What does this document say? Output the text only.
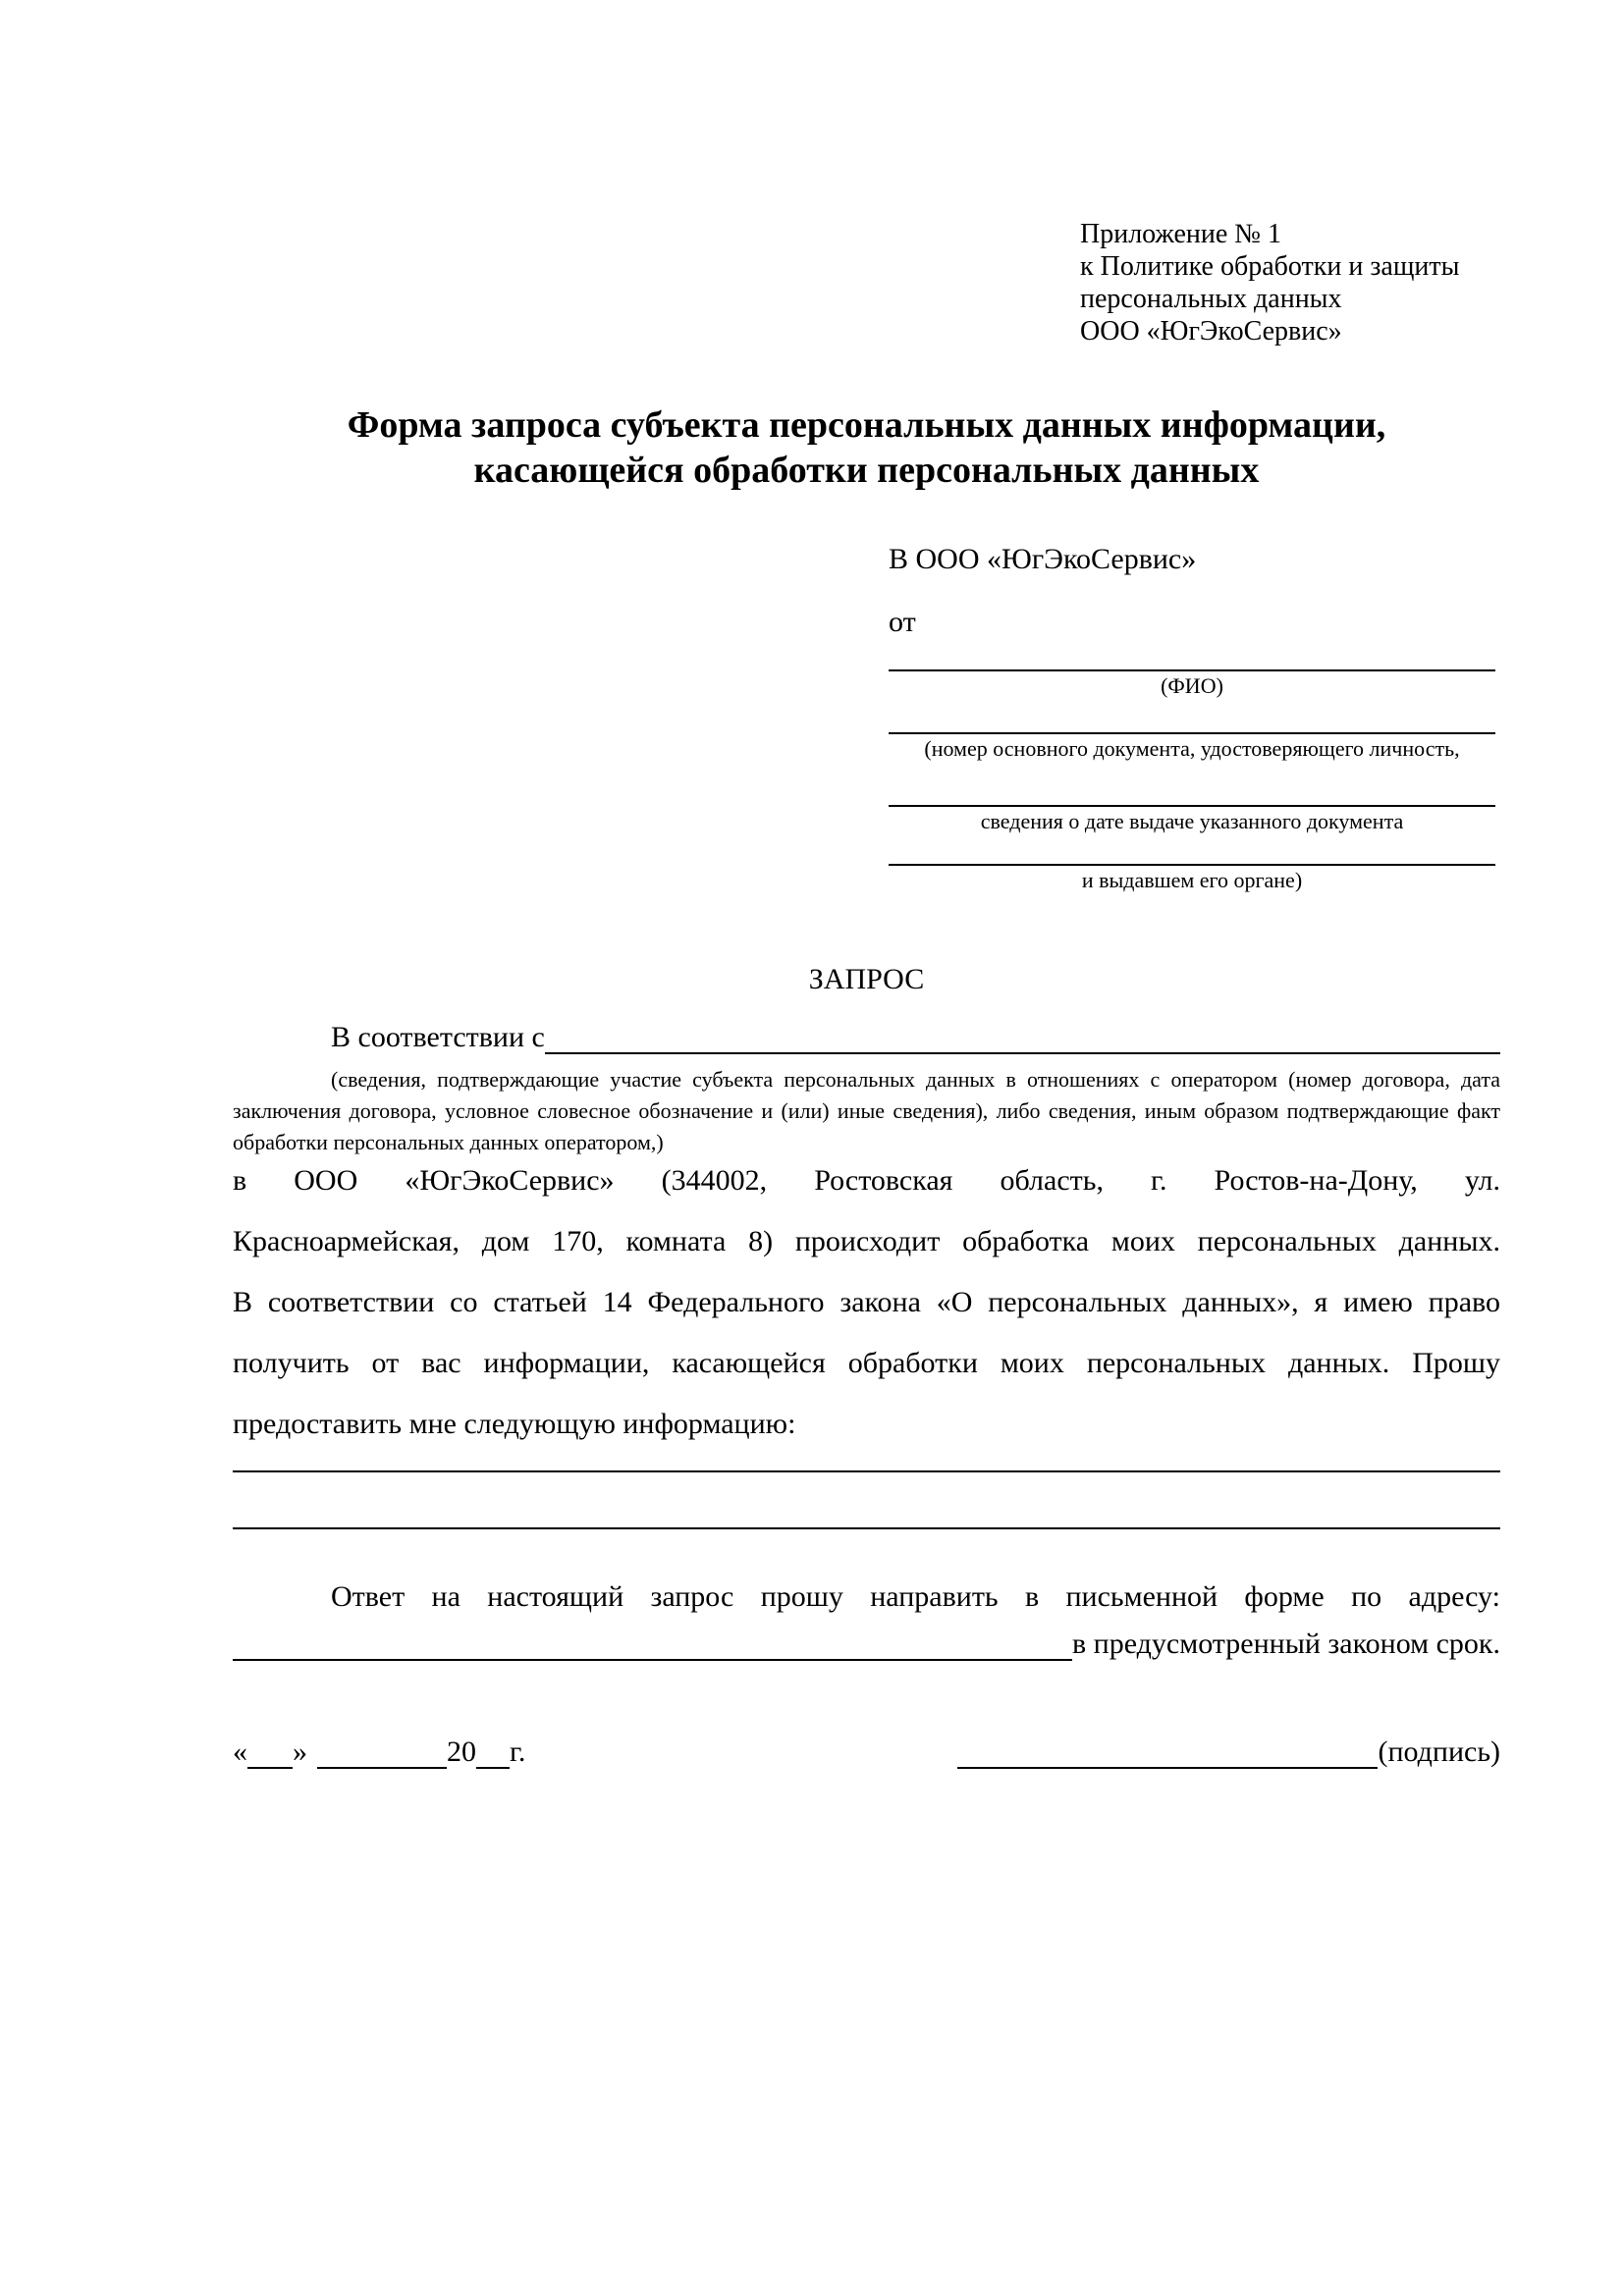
Приложение № 1
к Политике обработки и защиты
персональных данных
ООО «ЮгЭкоСервис»
Форма запроса субъекта персональных данных информации,
касающейся обработки персональных данных
В ООО «ЮгЭкоСервис»
от
(ФИО)
(номер основного документа, удостоверяющего личность,
сведения о дате выдаче указанного документа
и выдавшем его органе)
ЗАПРОС
В соответствии с
(сведения, подтверждающие участие субъекта персональных данных в отношениях с оператором (номер договора, дата
заключения договора, условное словесное обозначение и (или) иные сведения), либо сведения, иным образом подтверждающие факт
обработки персональных данных оператором,)
в ООО «ЮгЭкоСервис» (344002, Ростовская область, г. Ростов-на-Дону, ул.
Красноармейская, дом 170, комната 8) происходит обработка моих персональных данных.
В соответствии со статьей 14 Федерального закона «О персональных данных», я имею право
получить от вас информации, касающейся обработки моих персональных данных. Прошу
предоставить мне следующую информацию:
Ответ на настоящий запрос прошу направить в письменной форме по адресу:
в предусмотренный законом срок.
« »	20 г.	(подпись)
